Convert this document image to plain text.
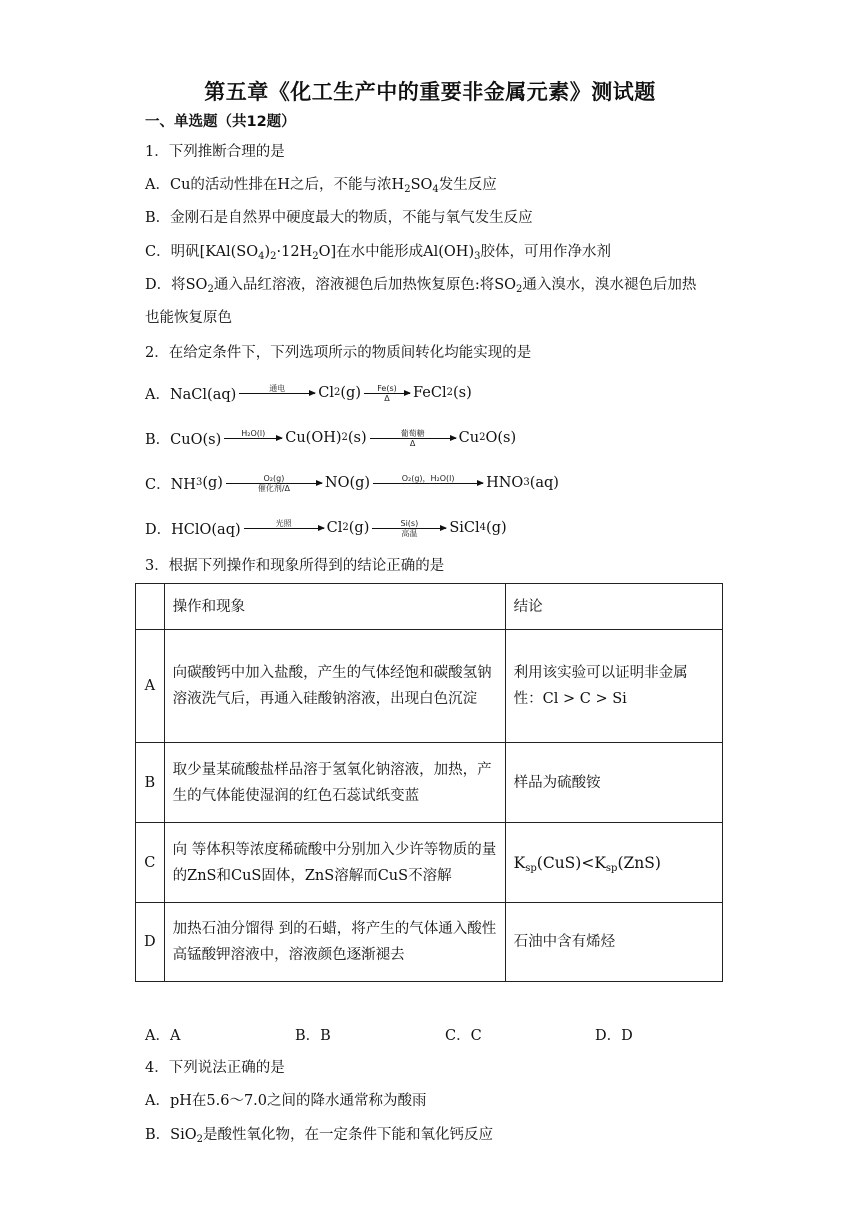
第五章《化工生产中的重要非金属元素》测试题
一、单选题（共12题）
1．下列推断合理的是
A．Cu的活动性排在H之后，不能与浓$H_2SO_4$发生反应
B．金刚石是自然界中硬度最大的物质，不能与氧气发生反应
C．明矾$[KAl(SO_4)_2\cdot 12H_2O]$在水中能形成$Al(OH)_3$胶体，可用作净水剂
D．将$SO_2$通入品红溶液，溶液褪色后加热恢复原色:将$SO_2$通入溴水，溴水褪色后加热
也能恢复原色
2．在给定条件下，下列选项所示的物质间转化均能实现的是
A．NaCl(aq)	通电 Cl 2 (g) Fe(s)
Δ FeCl 2 (s)
B．CuO(s)	H₂O(l) Cu(OH) 2 (s)	葡萄糖
Δ	Cu 2 O(s)
C．NH 3 (g)	O₂(g)
催化剂/Δ NO(g)	O₂(g)，H₂O(l) HNO 3 (aq)
D．HClO(aq)	光照 Cl 2 (g)	Si(s)
高温 SiCl 4 (g)
3．根据下列操作和现象所得到的结论正确的是
	操作和现象	结论
A	向碳酸钙中加入盐酸，产生的气体经饱和碳酸氢钠溶液洗气后，再通入硅酸钠溶液，出现白色沉淀	利用该实验可以证明非金属
性：Cl > C > Si

B	取少量某硫酸盐样品溶于氢氧化钠溶液，加热，产生的气体能使湿润的红色石蕊试纸变蓝	样品为硫酸铵
C	向 等体积等浓度稀硫酸中分别加入少许等物质的量的ZnS和CuS固体，ZnS溶解而CuS不溶解	$K_{sp}(CuS)<K_{sp}(ZnS)$
D	加热石油分馏得 到的石蜡，将产生的气体通入酸性高锰酸钾溶液中，溶液颜色逐渐褪去	石油中含有烯烃
A．A	B．B	C．C	D．D
4．下列说法正确的是
A．pH在5.6～7.0之间的降水通常称为酸雨
B．SiO$_2$是酸性氧化物，在一定条件下能和氧化钙反应
